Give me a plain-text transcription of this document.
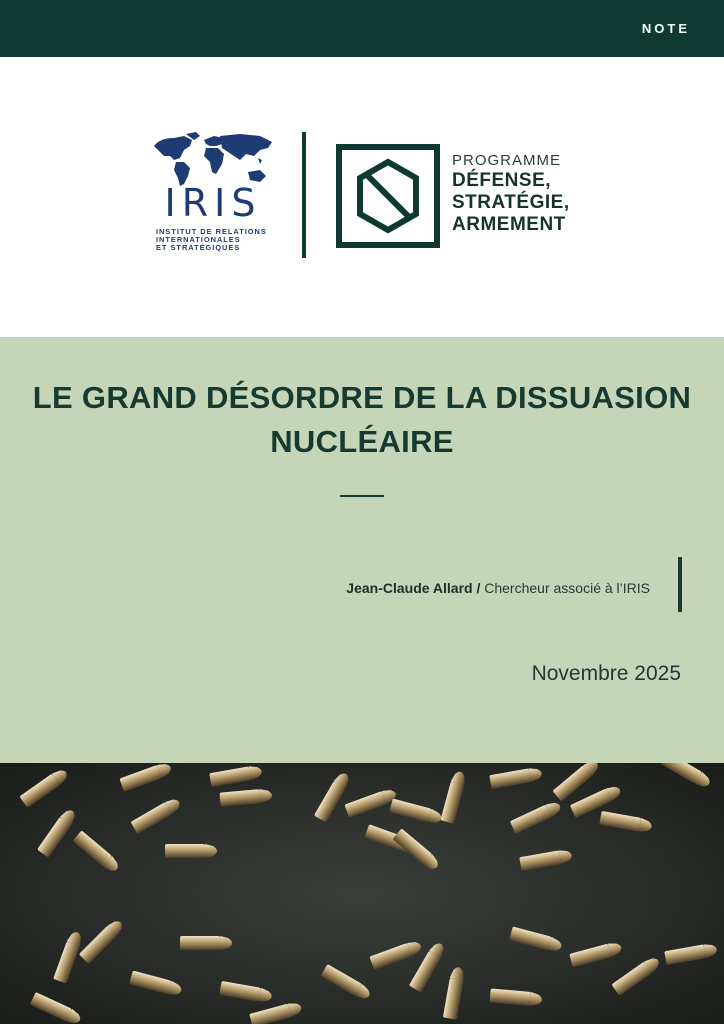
NOTE
IRIS
INSTITUT DE RELATIONS
INTERNATIONALES
ET STRATÉGIQUES
PROGRAMME
DÉFENSE,
STRATÉGIE,
ARMEMENT
LE GRAND DÉSORDRE DE LA DISSUASION
NUCLÉAIRE
Jean-Claude Allard / Chercheur associé à l’IRIS
Novembre 2025
